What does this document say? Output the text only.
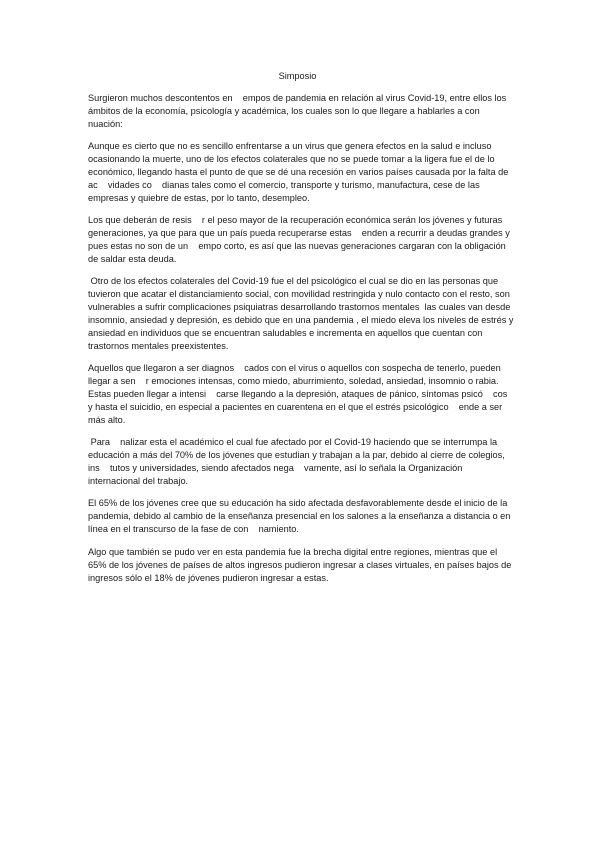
Simposio

Surgieron muchos descontentos en    empos de pandemia en relación al virus Covid-19, entre ellos los ámbitos de la economía, psicología y académica, los cuales son lo que llegare a hablarles a con    nuación:

Aunque es cierto que no es sencillo enfrentarse a un virus que genera efectos en la salud e incluso ocasionando la muerte, uno de los efectos colaterales que no se puede tomar a la ligera fue el de lo económico, llegando hasta el punto de que se dé una recesión en varios países causada por la falta de ac    vidades co    dianas tales como el comercio, transporte y turismo, manufactura, cese de las empresas y quiebre de estas, por lo tanto, desempleo.

Los que deberán de resis    r el peso mayor de la recuperación económica serán los jóvenes y futuras generaciones, ya que para que un país pueda recuperarse estas    enden a recurrir a deudas grandes y pues estas no son de un    empo corto, es así que las nuevas generaciones cargaran con la obligación de saldar esta deuda.

Otro de los efectos colaterales del Covid-19 fue el del psicológico el cual se dio en las personas que tuvieron que acatar el distanciamiento social, con movilidad restringida y nulo contacto con el resto, son vulnerables a sufrir complicaciones psiquiatras desarrollando trastornos mentales  las cuales van desde  insomnio, ansiedad y depresión, es debido que en una pandemia , el miedo eleva los niveles de estrés y ansiedad en individuos que se encuentran saludables e incrementa en aquellos que cuentan con trastornos mentales preexistentes.

Aquellos que llegaron a ser diagnos    cados con el virus o aquellos con sospecha de tenerlo, pueden llegar a sen    r emociones intensas, como miedo, aburrimiento, soledad, ansiedad, insomnio o rabia. Estas pueden llegar a intensi    carse llegando a la depresión, ataques de pánico, síntomas psicó    cos y hasta el suicidio, en especial a pacientes en cuarentena en el que el estrés psicológico    ende a ser más alto.

Para    nalizar esta el académico el cual fue afectado por el Covid-19 haciendo que se interrumpa la educación a más del 70% de los jóvenes que estudian y trabajan a la par, debido al cierre de colegios, ins    tutos y universidades, siendo afectados nega    vamente, así lo señala la Organización internacional del trabajo.

El 65% de los jóvenes cree que su educación ha sido afectada desfavorablemente desde el inicio de la pandemia, debido al cambio de la enseñanza presencial en los salones a la enseñanza a distancia o en línea en el transcurso de la fase de con    namiento.

Algo que también se pudo ver en esta pandemia fue la brecha digital entre regiones, mientras que el 65% de los jóvenes de países de altos ingresos pudieron ingresar a clases virtuales, en países bajos de ingresos sólo el 18% de jóvenes pudieron ingresar a estas.
